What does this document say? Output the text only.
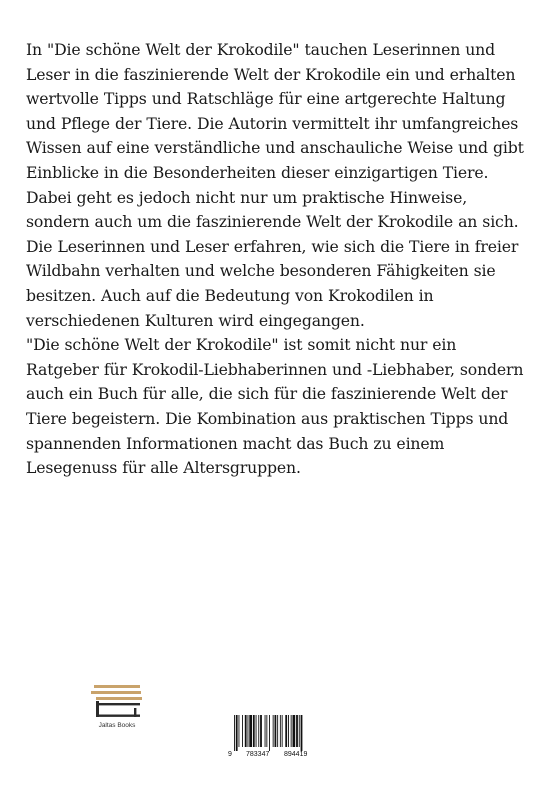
In "Die schöne Welt der Krokodile" tauchen Leserinnen und Leser in die faszinierende Welt der Krokodile ein und erhalten wertvolle Tipps und Ratschläge für eine artgerechte Haltung und Pflege der Tiere. Die Autorin vermittelt ihr umfangreiches Wissen auf eine verständliche und anschauliche Weise und gibt Einblicke in die Besonderheiten dieser einzigartigen Tiere.

Dabei geht es jedoch nicht nur um praktische Hinweise, sondern auch um die faszinierende Welt der Krokodile an sich. Die Leserinnen und Leser erfahren, wie sich die Tiere in freier Wildbahn verhalten und welche besonderen Fähigkeiten sie besitzen. Auch auf die Bedeutung von Krokodilen in verschiedenen Kulturen wird eingegangen.

"Die schöne Welt der Krokodile" ist somit nicht nur ein Ratgeber für Krokodil-Liebhaberinnen und -Liebhaber, sondern auch ein Buch für alle, die sich für die faszinierende Welt der Tiere begeistern. Die Kombination aus praktischen Tipps und spannenden Informationen macht das Buch zu einem Lesegenuss für alle Altersgruppen.

Jaltas Books
9 783347 894419
